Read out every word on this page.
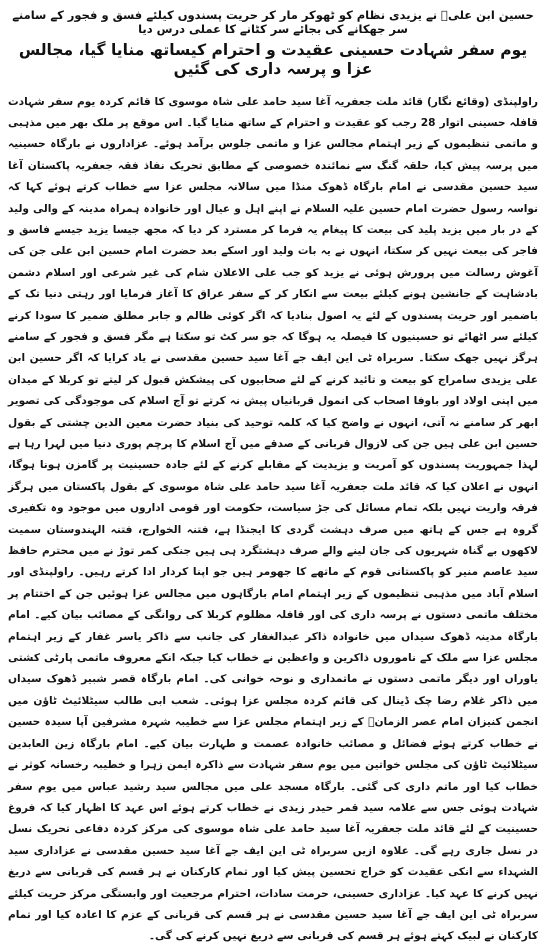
حسین ابن علیؑ نے یزیدی نظام کو ٹھوکر مار کر حریت پسندوں کیلئے فسق و فجور کے سامنے سر جھکانے کی بجائے سر کٹانے کا عملی درس دیا
یوم سفر شہادت حسینی عقیدت و احترام کیساتھ منایا گیا، مجالس عزا و پرسہ داری کی گئیں
راولپنڈی (وقائع نگار) قائد ملت جعفریہ آغا سید حامد علی شاہ موسوی کا قائم کردہ یوم سفر شہادت قافلہ حسینی اتوار 28 رجب کو عقیدت و احترام کے ساتھ منایا گیا۔ اس موقع پر ملک بھر میں مذہبی و ماتمی تنظیموں کے زیر اہتمام مجالس عزا و ماتمی جلوس برآمد ہوئے۔ عزاداروں نے بارگاہ حسینیہ میں پرسہ پیش کیا، حلقہ گنگ سے نمائندہ خصوصی کے مطابق تحریک نفاذ فقہ جعفریہ پاکستان آغا سید حسین مقدسی نے امام بارگاہ ڈھوک منڈا میں سالانہ مجلس عزا سے خطاب کرتے ہوئے کہا کہ نواسہ رسول حضرت امام حسین علیہ السلام نے اپنے اہل و عیال اور خانوادہ ہمراہ مدینہ کے والی ولید کے در بار میں یزید پلید کی بیعت کا پیغام یہ فرما کر مسترد کر دیا کہ مجھ جیسا یزید جیسے فاسق و فاجر کی بیعت نہیں کر سکتا، انہوں نے یہ بات ولید اور اسکے بعد حضرت امام حسین ابن علی جن کی آغوش رسالت میں پرورش ہوئی نے یزید کو جب علی الاعلان شام کی غیر شرعی اور اسلام دشمن بادشاہت کے جانشین ہونے کیلئے بیعت سے انکار کر کے سفر عراق کا آغاز فرمایا اور رہتی دنیا تک کے باضمیر اور حریت پسندوں کے لئے یہ اصول بنادیا کہ اگر کوئی ظالم و جابر مطلق ضمیر کا سودا کرنے کیلئے سر اٹھائے تو حسینیوں کا فیصلہ یہ ہوگا کہ جو سر کٹ تو سکتا ہے مگر فسق و فجور کے سامنے ہرگز نہیں جھک سکتا۔ سربراہ ٹی این ایف جے آغا سید حسین مقدسی نے یاد کرایا کہ اگر حسین ابن علی یزیدی سامراج کو بیعت و تائید کرنے کے لئے صحابیوں کی پیشکش قبول کر لیتے تو کربلا کے میدان میں اپنی اولاد اور باوفا اصحاب کی انمول قربانیاں پیش نہ کرتے تو آج اسلام کی موجودگی کی تصویر ابھر کر سامنے نہ آتی، انہوں نے واضح کیا کہ کلمہ توحید کی بنیاد حضرت معین الدین چشتی کے بقول حسین ابن علی ہیں جن کی لازوال قربانی کے صدقے میں آج اسلام کا پرچم پوری دنیا میں لہرا رہا ہے لہذا جمہوریت پسندوں کو آمریت و یزیدیت کے مقابلے کرنے کے لئے جادہ حسینیت پر گامزن ہونا ہوگا، انہوں نے اعلان کیا کہ قائد ملت جعفریہ آغا سید حامد علی شاہ موسوی کے بقول پاکستان میں ہرگز فرقہ واریت نہیں بلکہ تمام مسائل کی جڑ سیاست، حکومت اور قومی اداروں میں موجود وہ تکفیری گروہ ہے جس کے ہاتھ میں صرف دہشت گردی کا ایجنڈا ہے، فتنہ الخوارج، فتنہ الہندوستان سمیت لاکھوں بے گناہ شہریوں کی جان لینے والے صرف دہشتگرد ہی ہیں جنکی کمر توڑ نے میں محترم حافظ سید عاصم منیر کو پاکستانی قوم کے ماتھے کا جھومر ہیں جو اپنا کردار ادا کرتے رہیں۔ راولپنڈی اور اسلام آباد میں مذہبی تنظیموں کے زیر اہتمام امام بارگاہوں میں مجالس عزا ہوئیں جن کے اختتام پر مختلف ماتمی دستوں نے پرسہ داری کی اور قافلہ مظلوم کربلا کی روانگی کے مصائب بیان کیے۔ امام بارگاہ مدینہ ڈھوک سیداں میں خانوادہ ذاکر عبدالغفار کی جانب سے ذاکر یاسر غفار کے زیر اہتمام مجلس عزا سے ملک کے ناموروں ذاکرین و واعظین نے خطاب کیا جبکہ انکے معروف ماتمی پارٹی کشتی یاوراں اور دیگر ماتمی دستوں نے ماتمداری و نوحہ خوانی کی۔ امام بارگاہ قصر شبیر ڈھوک سیداں میں ذاکر غلام رضا چک ڈینال کی قائم کردہ مجلس عزا ہوئی۔ شعب ابی طالب سیٹلائیٹ ٹاؤن میں انجمن کنیزان امام عصر الزمانؑ کے زیر اہتمام مجلس عزا سے خطیبہ شہرہ مشرفین آپا سیدہ حسین نے خطاب کرتے ہوئے فضائل و مصائب خانوادہ عصمت و طہارت بیان کیے۔ امام بارگاہ زین العابدین سیٹلائیٹ ٹاؤن کی مجلس خواتین میں یوم سفر شہادت سے ذاکرہ ایمن زہرا و خطیبہ رخسانہ کوثر نے خطاب کیا اور ماتم داری کی گئی۔ بارگاہ مسجد علی میں مجالس سید رشید عباس میں یوم سفر شہادت ہوئی جس سے علامہ سید قمر حیدر زیدی نے خطاب کرتے ہوئے اس عہد کا اظہار کیا کہ فروغ حسینیت کے لئے قائد ملت جعفریہ آغا سید حامد علی شاہ موسوی کی مرکز کردہ دفاعی تحریک نسل در نسل جاری رہے گی۔ علاوہ ازیں سربراہ ٹی این ایف جے آغا سید حسین مقدسی نے عزاداری سید الشہداء سے انکی عقیدت کو خراج تحسین پیش کیا اور تمام کارکنان نے ہر قسم کی قربانی سے دریغ نہیں کرنے کا عہد کیا۔ عزاداری حسینی، حرمت سادات، احترام مرجعیت اور وابستگی مرکز حریت کیلئے سربراہ ٹی این ایف جے آغا سید حسین مقدسی نے ہر قسم کی قربانی کے عزم کا اعادہ کیا اور تمام کارکنان نے لبیک کہتے ہوئے ہر قسم کی قربانی سے دریغ نہیں کرنے کی گی۔
